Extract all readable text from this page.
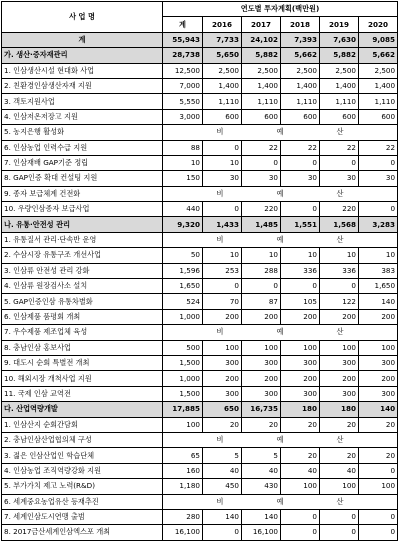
사 업 명	연도별 투자계획(백만원)					
	계	2016	2017	2018	2019	2020
계	55,943	7,733	24,102	7,393	7,630	9,085
가. 생산·증자재관리	28,738	5,650	5,882	5,662	5,882	5,662
1. 인삼생산시설 현대화 사업	12,500	2,500	2,500	2,500	2,500	2,500
2. 친환경인삼생산자재 지원	7,000	1,400	1,400	1,400	1,400	1,400
3. 객토지원사업	5,550	1,110	1,110	1,110	1,110	1,110
4. 인삼저온저장고 지원	3,000	600	600	600	600	600
5. 농지은행 활성화	비 예 산					
6. 인삼농업 인력수급 지원	88	0	22	22	22	22
7. 인삼재배 GAP기준 정립	10	10	0	0	0	0
8. GAP인증 확대 컨설팅 지원	150	30	30	30	30	30
9. 종자 보급체계 건전화	비 예 산					
10. 우량인삼종자 보급사업	440	0	220	0	220	0
나. 유통·안전성 관리	9,320	1,433	1,485	1,551	1,568	3,283
1. 유통질서 관리·단속반 운영	비 예 산					
2. 수삼시장 유통구조 개선사업	50	10	10	10	10	10
3. 인삼류 안전성 관리 강화	1,596	253	288	336	336	383
4. 인삼류 원장검사소 설치	1,650	0	0	0	0	1,650
5. GAP인증인삼 유통차별화	524	70	87	105	122	140
6. 인삼제품 품평회 개최	1,000	200	200	200	200	200
7. 우수제품 제조업체 육성	비 예 산					
8. 충남인삼 홍보사업	500	100	100	100	100	100
9. 대도시 순회 특별전 개최	1,500	300	300	300	300	300
10. 해외시장 개척사업 지원	1,000	200	200	200	200	200
11. 국제 인삼 교역전	1,500	300	300	300	300	300
다. 산업역량개발	17,885	650	16,735	180	180	140
1. 인삼산지 순회간담회	100	20	20	20	20	20
2. 충남인삼산업협의체 구성	비 예 산					
3. 젊은 인삼산업인 학습단체	65	5	5	20	20	20
4. 인삼농업 조직역량강화 지원	160	40	40	40	40	0
5. 부가가치 제고 노력(R&D)	1,180	450	430	100	100	100
6. 세계중요농업유산 등재추진	비 예 산					
7. 세계인삼도시연맹 출범	280	140	140	0	0	0
8. 2017금산세계인삼엑스포 개최	16,100	0	16,100	0	0	0
